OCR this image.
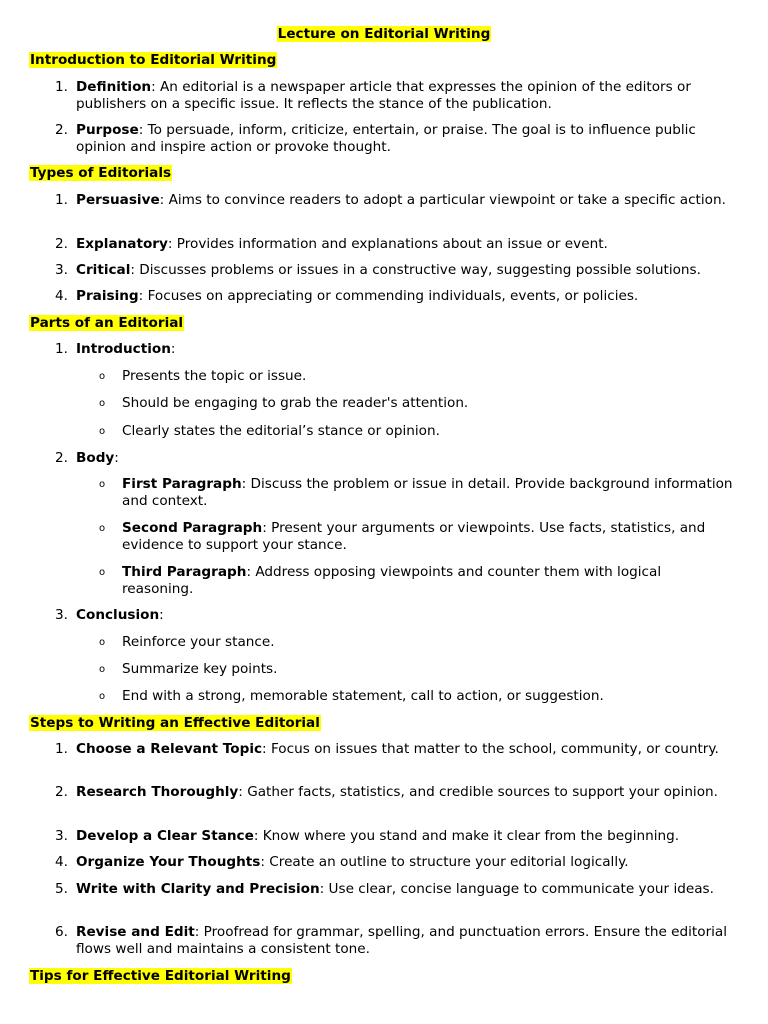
Lecture on Editorial Writing
Introduction to Editorial Writing
1. Definition: An editorial is a newspaper article that expresses the opinion of the editors or publishers on a specific issue. It reflects the stance of the publication.
2. Purpose: To persuade, inform, criticize, entertain, or praise. The goal is to influence public opinion and inspire action or provoke thought.
Types of Editorials
1. Persuasive: Aims to convince readers to adopt a particular viewpoint or take a specific action.
2. Explanatory: Provides information and explanations about an issue or event.
3. Critical: Discusses problems or issues in a constructive way, suggesting possible solutions.
4. Praising: Focuses on appreciating or commending individuals, events, or policies.
Parts of an Editorial
1. Introduction:
o Presents the topic or issue.
o Should be engaging to grab the reader's attention.
o Clearly states the editorial’s stance or opinion.
2. Body:
o First Paragraph: Discuss the problem or issue in detail. Provide background information and context.
o Second Paragraph: Present your arguments or viewpoints. Use facts, statistics, and evidence to support your stance.
o Third Paragraph: Address opposing viewpoints and counter them with logical reasoning.
3. Conclusion:
o Reinforce your stance.
o Summarize key points.
o End with a strong, memorable statement, call to action, or suggestion.
Steps to Writing an Effective Editorial
1. Choose a Relevant Topic: Focus on issues that matter to the school, community, or country.
2. Research Thoroughly: Gather facts, statistics, and credible sources to support your opinion.
3. Develop a Clear Stance: Know where you stand and make it clear from the beginning.
4. Organize Your Thoughts: Create an outline to structure your editorial logically.
5. Write with Clarity and Precision: Use clear, concise language to communicate your ideas.
6. Revise and Edit: Proofread for grammar, spelling, and punctuation errors. Ensure the editorial flows well and maintains a consistent tone.
Tips for Effective Editorial Writing
